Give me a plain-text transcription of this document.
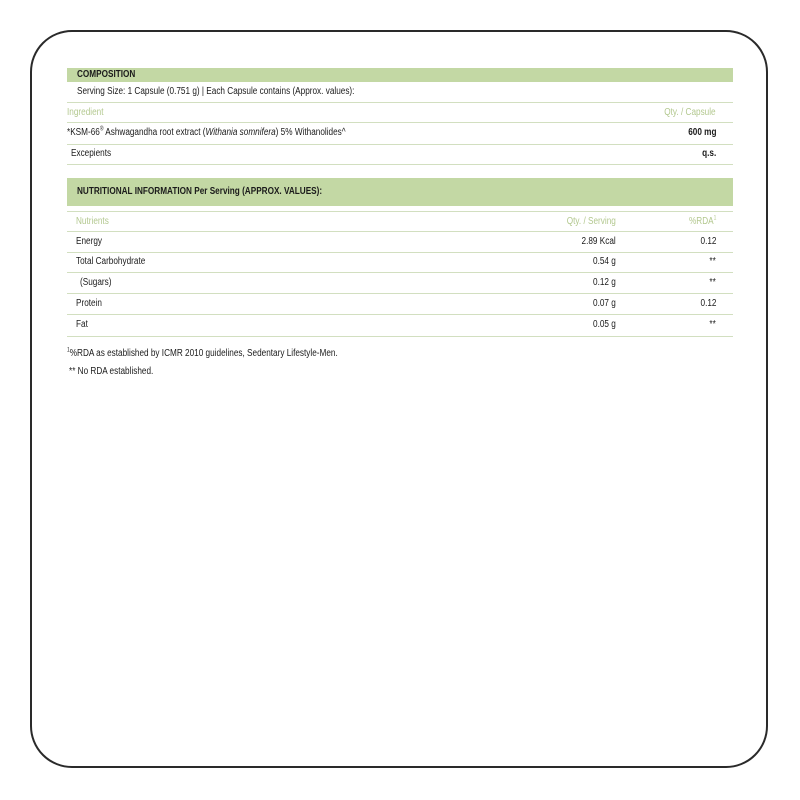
COMPOSITION
Serving Size: 1 Capsule (0.751 g) | Each Capsule contains (Approx. values):
Ingredient	Qty. / Capsule
*KSM-66® Ashwagandha root extract (Withania somnifera) 5% Withanolides^	600 mg
Excepients	q.s.
NUTRITIONAL INFORMATION Per Serving (APPROX. VALUES):
Nutrients	Qty. / Serving	%RDA$^1$
Energy	2.89 Kcal	0.12
Total Carbohydrate	0.54 g	**
(Sugars)	0.12 g	**
Protein	0.07 g	0.12
Fat	0.05 g	**
$^1$%RDA as established by ICMR 2010 guidelines, Sedentary Lifestyle-Men.
** No RDA established.
